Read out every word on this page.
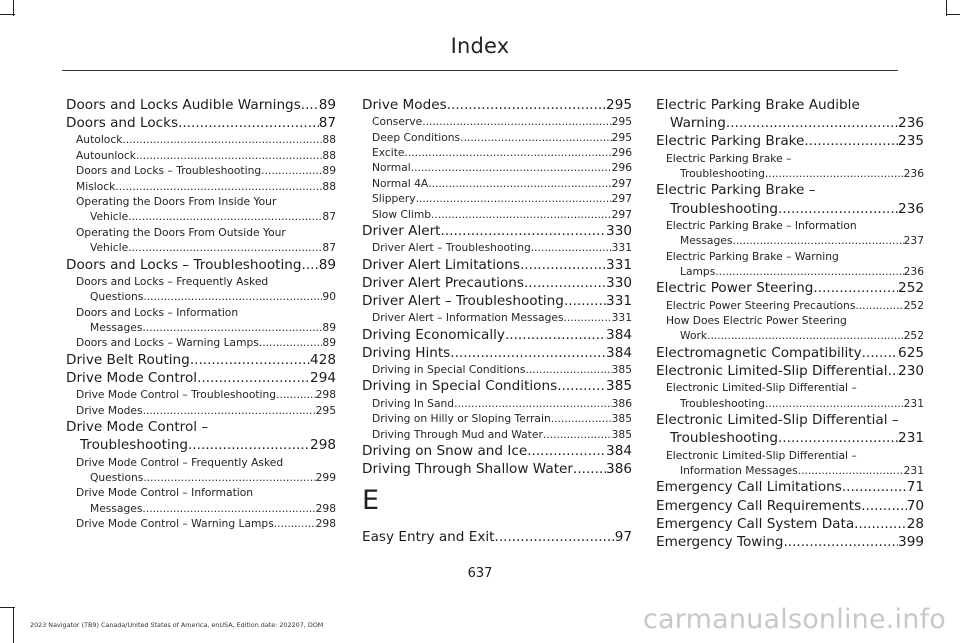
Index
Doors and Locks Audible Warnings ..... 89
Doors and Locks .....	87
Autolock .....	88
Autounlock .....	88
Doors and Locks – Troubleshooting .....	89
Mislock .....	88
Operating the Doors From Inside Your
Vehicle .....	87
Operating the Doors From Outside Your
Vehicle .....	87
Doors and Locks – Troubleshooting ..... 89
Doors and Locks – Frequently Asked
Questions .....	90
Doors and Locks – Information
Messages .....	89
Doors and Locks – Warning Lamps .....	89
Drive Belt Routing .....	428
Drive Mode Control .....	294
Drive Mode Control – Troubleshooting .....	298
Drive Modes .....	295
Drive Mode Control –
Troubleshooting .....	298
Drive Mode Control – Frequently Asked
Questions .....	299
Drive Mode Control – Information
Messages .....	298
Drive Mode Control – Warning Lamps .....	298
Drive Modes .....	295
Conserve .....	295
Deep Conditions .....	295
Excite .....	296
Normal .....	296
Normal 4A .....	297
Slippery .....	297
Slow Climb .....	297
Driver Alert .....	330
Driver Alert – Troubleshooting .....	331
Driver Alert Limitations .....	331
Driver Alert Precautions .....	330
Driver Alert – Troubleshooting .....	331
Driver Alert – Information Messages .....	331
Driving Economically .....	384
Driving Hints .....	384
Driving in Special Conditions .....	385
Driving in Special Conditions .....	385
Driving In Sand .....	386
Driving on Hilly or Sloping Terrain .....	385
Driving Through Mud and Water .....	385
Driving on Snow and Ice .....	384
Driving Through Shallow Water ..... 386
E
Easy Entry and Exit .....	97
Electric Parking Brake Audible
Warning .....	236
Electric Parking Brake .....	235
Electric Parking Brake –
Troubleshooting .....	236
Electric Parking Brake –
Troubleshooting .....	236
Electric Parking Brake – Information
Messages .....	237
Electric Parking Brake – Warning
Lamps .....	236
Electric Power Steering .....	252
Electric Power Steering Precautions .....	252
How Does Electric Power Steering
Work .....	252
Electromagnetic Compatibility .....	625
Electronic Limited-Slip Differential ..... 230
Electronic Limited-Slip Differential –
Troubleshooting .....	231
Electronic Limited-Slip Differential –
Troubleshooting .....	231
Electronic Limited-Slip Differential –
Information Messages .....	231
Emergency Call Limitations .....	71
Emergency Call Requirements .....	70
Emergency Call System Data .....	28
Emergency Towing .....	399
637
2023 Navigator (TB9) Canada/United States of America, enUSA, Edition date: 202207, DOM	carmanualsonline.info
